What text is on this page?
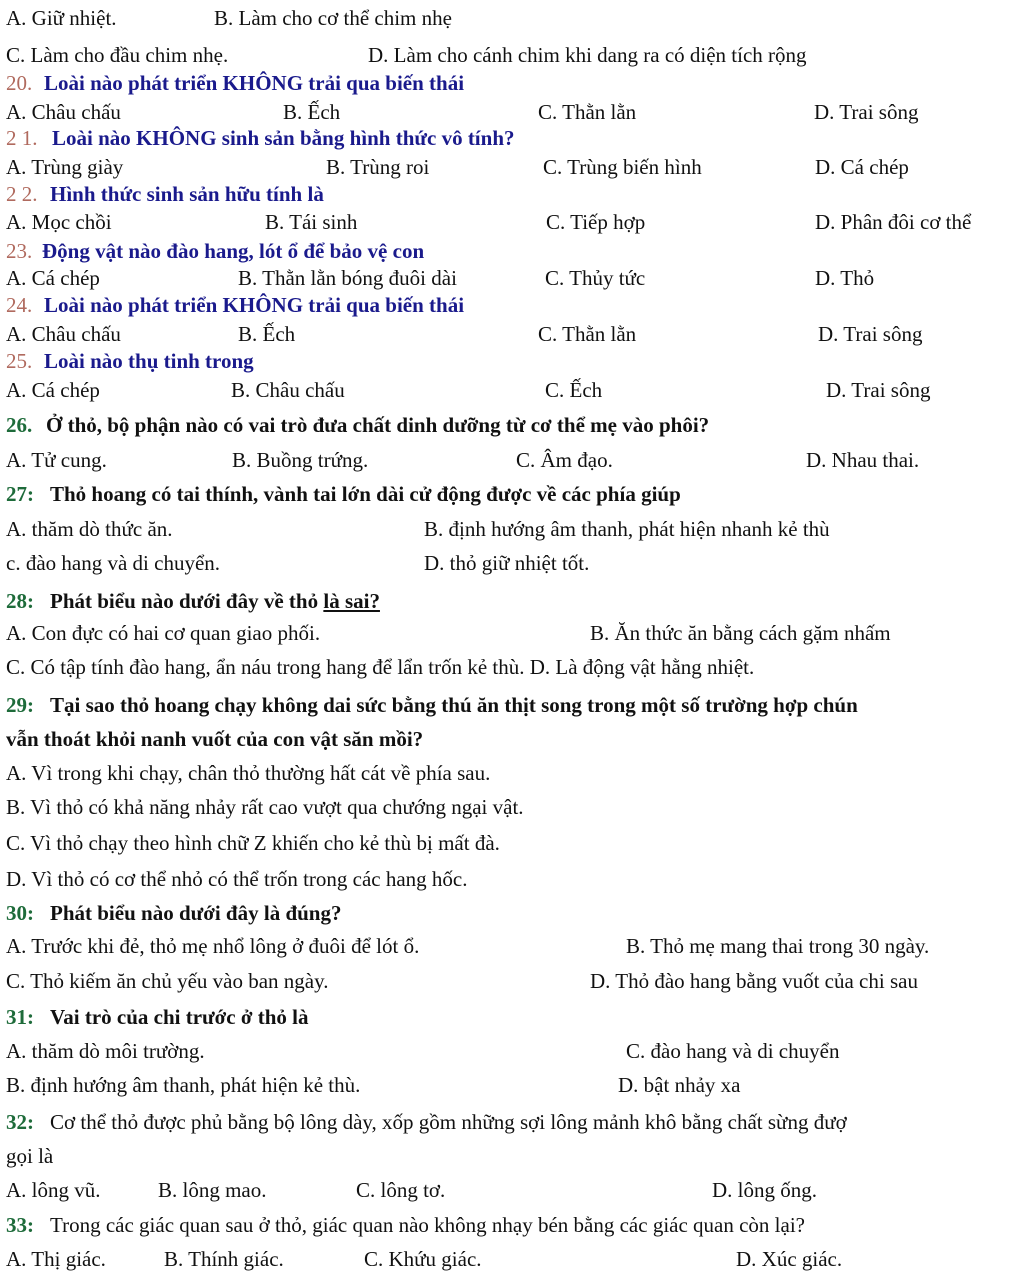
A. Giữ nhiệt.	B. Làm cho cơ thể chim nhẹ
C. Làm cho đầu chim nhẹ.	D. Làm cho cánh chim khi dang ra có diện tích rộng
20. Loài nào phát triển KHÔNG trải qua biến thái
A. Châu chấu	B. Ếch	C. Thằn lằn	D. Trai sông
2 1. Loài nào KHÔNG sinh sản bằng hình thức vô tính?
A. Trùng giày	B. Trùng roi	C. Trùng biến hình	D. Cá chép
2 2. Hình thức sinh sản hữu tính là
A. Mọc chồi	B. Tái sinh	C. Tiếp hợp	D. Phân đôi cơ thể
23. Động vật nào đào hang, lót ổ để bảo vệ con
A. Cá chép	B. Thằn lằn bóng đuôi dài	C. Thủy tức	D. Thỏ
24. Loài nào phát triển KHÔNG trải qua biến thái
A. Châu chấu	B. Ếch	C. Thằn lằn	D. Trai sông
25. Loài nào thụ tinh trong
A. Cá chép	B. Châu chấu	C. Ếch	D. Trai sông
26. Ở thỏ, bộ phận nào có vai trò đưa chất dinh dưỡng từ cơ thể mẹ vào phôi?
A. Tử cung.	B. Buồng trứng.	C. Âm đạo.	D. Nhau thai.
27: Thỏ hoang có tai thính, vành tai lớn dài cử động được về các phía giúp
A. thăm dò thức ăn.	B. định hướng âm thanh, phát hiện nhanh kẻ thù
c. đào hang và di chuyển.	D. thỏ giữ nhiệt tốt.
28: Phát biểu nào dưới đây về thỏ là sai?
A. Con đực có hai cơ quan giao phối.	B. Ăn thức ăn bằng cách gặm nhấm
C. Có tập tính đào hang, ẩn náu trong hang để lẩn trốn kẻ thù. D. Là động vật hằng nhiệt.
29: Tại sao thỏ hoang chạy không dai sức bằng thú ăn thịt song trong một số trường hợp chún
vẫn thoát khỏi nanh vuốt của con vật săn mồi?
A. Vì trong khi chạy, chân thỏ thường hất cát về phía sau.
B. Vì thỏ có khả năng nhảy rất cao vượt qua chướng ngại vật.
C. Vì thỏ chạy theo hình chữ Z khiến cho kẻ thù bị mất đà.
D. Vì thỏ có cơ thể nhỏ có thể trốn trong các hang hốc.
30: Phát biểu nào dưới đây là đúng?
A. Trước khi đẻ, thỏ mẹ nhổ lông ở đuôi để lót ổ.	B. Thỏ mẹ mang thai trong 30 ngày.
C. Thỏ kiếm ăn chủ yếu vào ban ngày.	D. Thỏ đào hang bằng vuốt của chi sau
31: Vai trò của chi trước ở thỏ là
A. thăm dò môi trường.	C. đào hang và di chuyển
B. định hướng âm thanh, phát hiện kẻ thù.	D. bật nhảy xa
32: Cơ thể thỏ được phủ bằng bộ lông dày, xốp gồm những sợi lông mảnh khô bằng chất sừng đượ
gọi là
A. lông vũ.	B. lông mao.	C. lông tơ.	D. lông ống.
33: Trong các giác quan sau ở thỏ, giác quan nào không nhạy bén bằng các giác quan còn lại?
A. Thị giác.	B. Thính giác.	C. Khứu giác.	D. Xúc giác.
